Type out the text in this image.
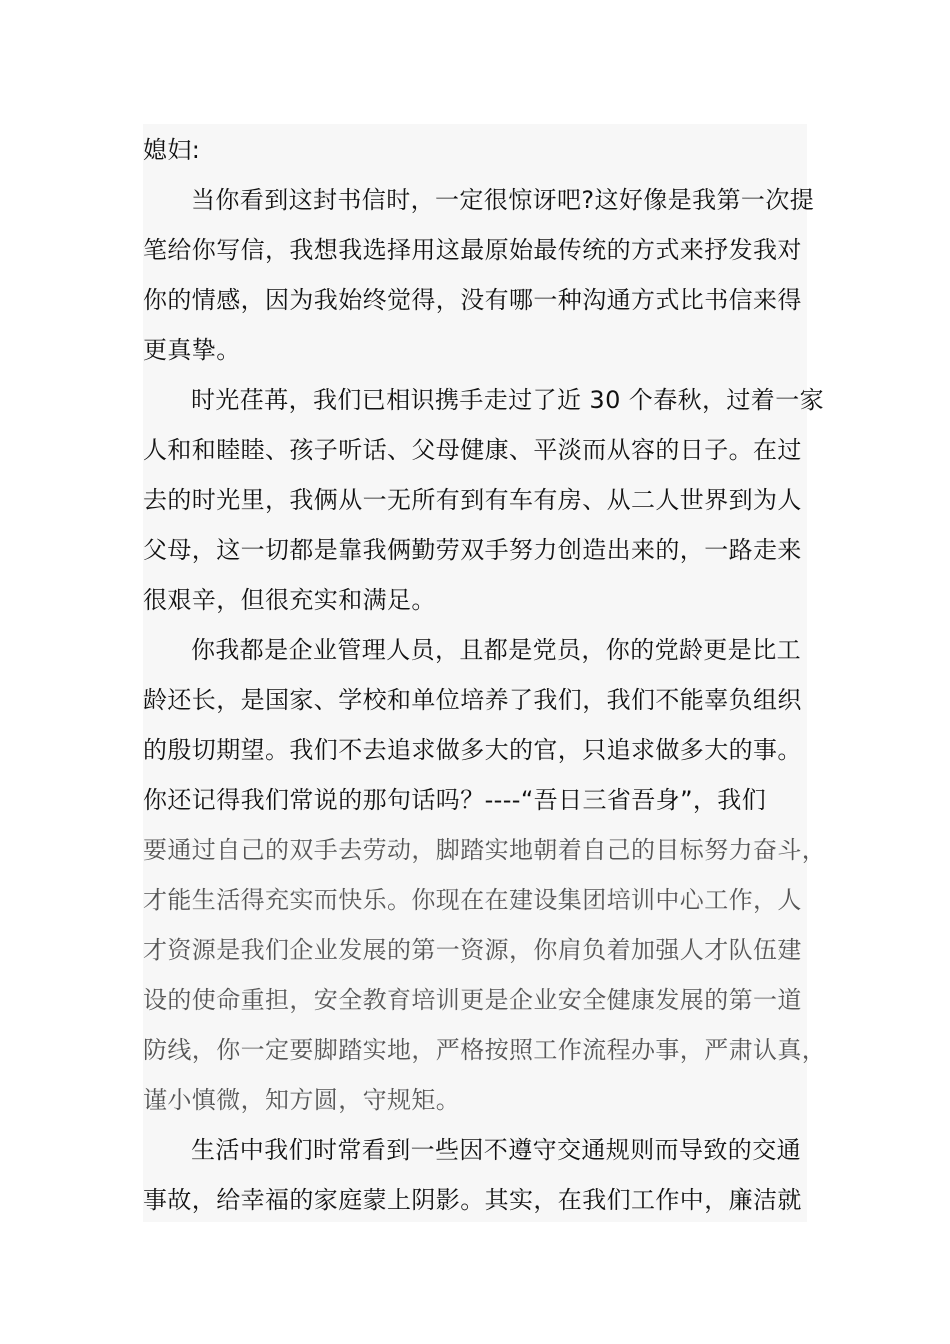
媳妇:
当你看到这封书信时，一定很惊讶吧?这好像是我第一次提
笔给你写信，我想我选择用这最原始最传统的方式来抒发我对
你的情感，因为我始终觉得，没有哪一种沟通方式比书信来得
更真挚。
时光荏苒，我们已相识携手走过了近 30 个春秋，过着一家
人和和睦睦、孩子听话、父母健康、平淡而从容的日子。在过
去的时光里，我俩从一无所有到有车有房、从二人世界到为人
父母，这一切都是靠我俩勤劳双手努力创造出来的，一路走来
很艰辛，但很充实和满足。
你我都是企业管理人员，且都是党员，你的党龄更是比工
龄还长，是国家、学校和单位培养了我们，我们不能辜负组织
的殷切期望。我们不去追求做多大的官，只追求做多大的事。
你还记得我们常说的那句话吗？----“吾日三省吾身”，我们
要通过自己的双手去劳动，脚踏实地朝着自己的目标努力奋斗，
才能生活得充实而快乐。你现在在建设集团培训中心工作，人
才资源是我们企业发展的第一资源，你肩负着加强人才队伍建
设的使命重担，安全教育培训更是企业安全健康发展的第一道
防线，你一定要脚踏实地，严格按照工作流程办事，严肃认真，
谨小慎微，知方圆，守规矩。
生活中我们时常看到一些因不遵守交通规则而导致的交通
事故，给幸福的家庭蒙上阴影。其实，在我们工作中，廉洁就
